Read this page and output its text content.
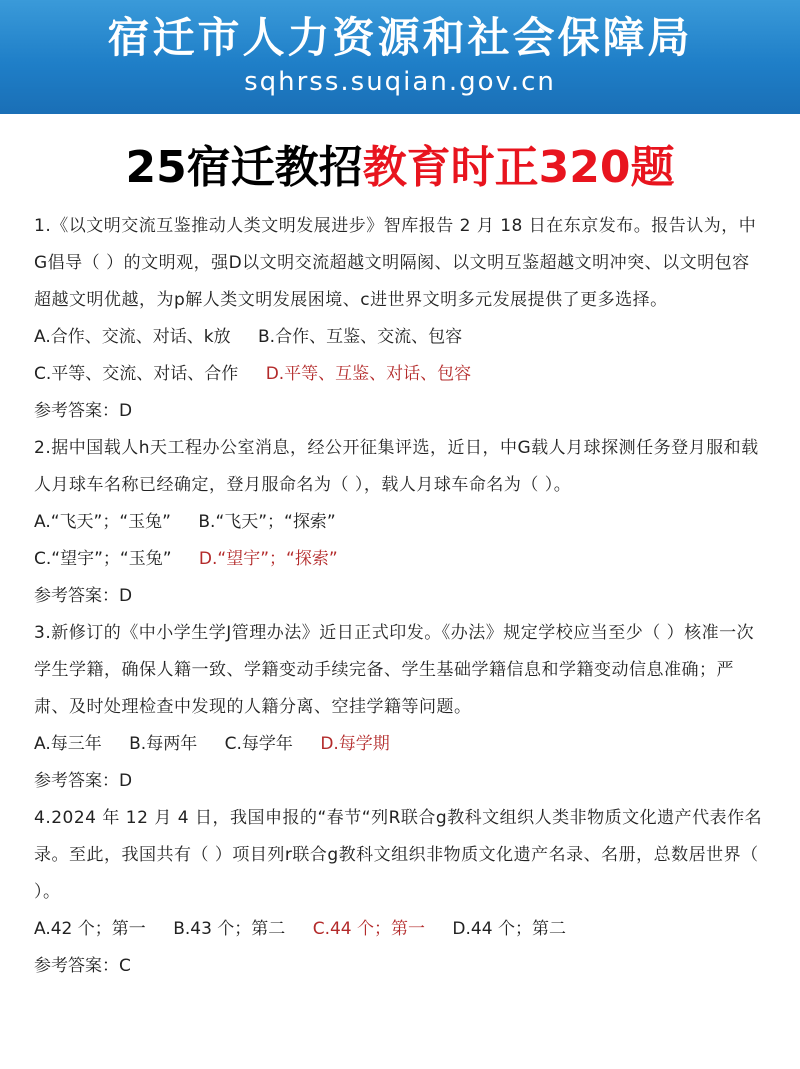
宿迁市人力资源和社会保障局
sqhrss.suqian.gov.cn
25宿迁教招教育时正320题

1.《以文明交流互鉴推动人类文明发展进步》智库报告 2 月 18 日在东京发布。报告认为，中G倡导（ ）的文明观，强D以文明交流超越文明隔阂、以文明互鉴超越文明冲突、以文明包容超越文明优越，为p解人类文明发展困境、c进世界文明多元发展提供了更多选择。

A.合作、交流、对话、k放 B.合作、互鉴、交流、包容
C.平等、交流、对话、合作 D.平等、互鉴、对话、包容

参考答案：D

2.据中国载人h天工程办公室消息，经公开征集评选，近日，中G载人月球探测任务登月服和载人月球车名称已经确定，登月服命名为（ ），载人月球车命名为（ ）。

A.“飞天”；“玉兔” B.“飞天”；“探索”
C.“望宇”；“玉兔” D.“望宇”；“探索”

参考答案：D

3.新修订的《中小学生学J管理办法》近日正式印发。《办法》规定学校应当至少（ ）核准一次学生学籍，确保人籍一致、学籍变动手续完备、学生基础学籍信息和学籍变动信息准确；严肃、及时处理检查中发现的人籍分离、空挂学籍等问题。

A.每三年 B.每两年 C.每学年 D.每学期

参考答案：D

4.2024 年 12 月 4 日，我国申报的“春节“列R联合g教科文组织人类非物质文化遗产代表作名录。至此，我国共有（ ）项目列r联合g教科文组织非物质文化遗产名录、名册，总数居世界（ ）。

A.42 个；第一 B.43 个；第二 C.44 个；第一 D.44 个；第二

参考答案：C
